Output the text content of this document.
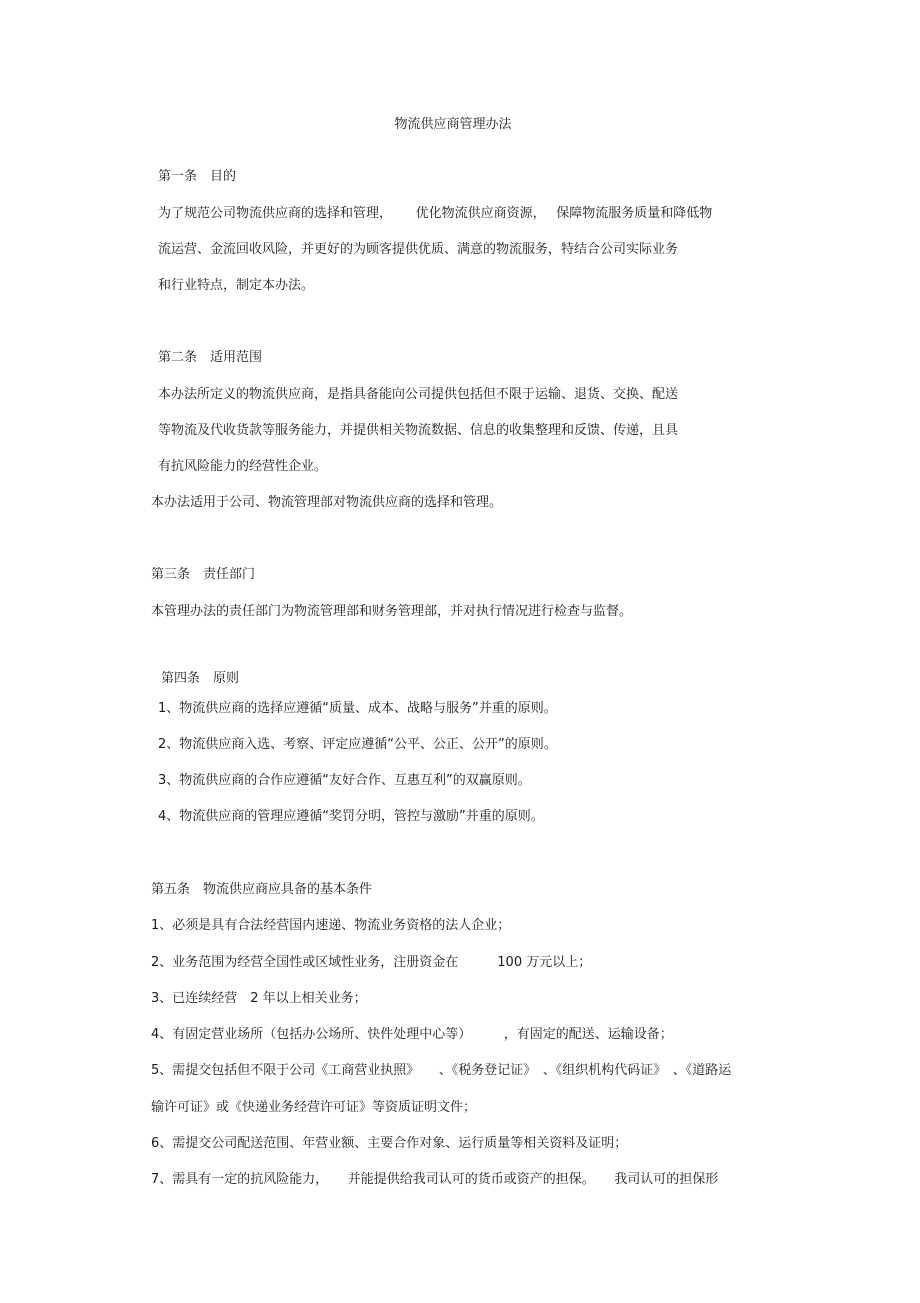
物流供应商管理办法
第一条　目的
为了规范公司物流供应商的选择和管理，　　 优化物流供应商资源，　 保障物流服务质量和降低物
流运营、金流回收风险，并更好的为顾客提供优质、满意的物流服务，特结合公司实际业务
和行业特点，制定本办法。
第二条　适用范围
本办法所定义的物流供应商，是指具备能向公司提供包括但不限于运输、退货、交换、配送
等物流及代收货款等服务能力，并提供相关物流数据、信息的收集整理和反馈、传递，且具
有抗风险能力的经营性企业。
本办法适用于公司、物流管理部对物流供应商的选择和管理。
第三条　责任部门
本管理办法的责任部门为物流管理部和财务管理部，并对执行情况进行检查与监督。
第四条　原则
1、物流供应商的选择应遵循“质量、成本、战略与服务”并重的原则。
2、物流供应商入选、考察、评定应遵循“公平、公正、公开”的原则。
3、物流供应商的合作应遵循“友好合作、互惠互利”的双赢原则。
4、物流供应商的管理应遵循“奖罚分明，管控与激励”并重的原则。
第五条　物流供应商应具备的基本条件
1、必须是具有合法经营国内速递、物流业务资格的法人企业；
2、业务范围为经营全国性或区域性业务，注册资金在　　　100 万元以上；
3、已连续经营　2 年以上相关业务；
4、有固定营业场所（包括办公场所、快件处理中心等）　　　，有固定的配送、运输设备；
5、需提交包括但不限于公司《工商营业执照》　　、《税务登记证》　、《组织机构代码证》　、《道路运
输许可证》或《快递业务经营许可证》等资质证明文件；
6、需提交公司配送范围、年营业额、主要合作对象、运行质量等相关资料及证明；
7、需具有一定的抗风险能力，　　并能提供给我司认可的货币或资产的担保。　　我司认可的担保形
